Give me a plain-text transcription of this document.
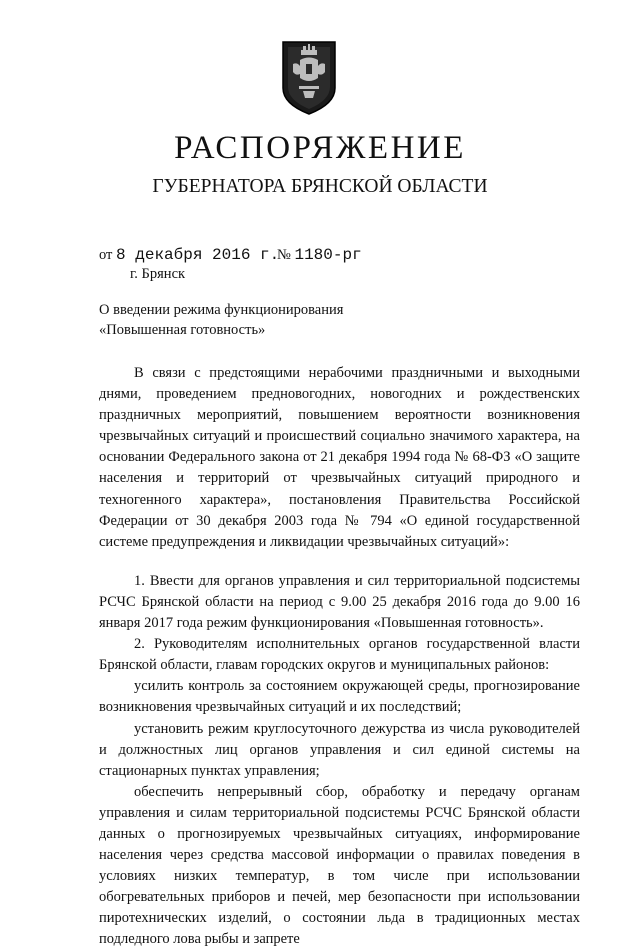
РАСПОРЯЖЕНИЕ
ГУБЕРНАТОРА БРЯНСКОЙ ОБЛАСТИ
от 8 декабря 2016 г.
№ 1180-рг
г. Брянск
О введении режима функционирования
«Повышенная готовность»

В связи с предстоящими нерабочими праздничными и выходными днями, проведением предновогодних, новогодних и рождественских праздничных мероприятий, повышением вероятности возникновения чрезвычайных ситуаций и происшествий социально значимого характера, на основании Федерального закона от 21 декабря 1994 года № 68-ФЗ «О защите населения и территорий от чрезвычайных ситуаций природного и техногенного характера», постановления Правительства Российской Федерации от 30 декабря 2003 года № 794 «О единой государственной системе предупреждения и ликвидации чрезвычайных ситуаций»:

1. Ввести для органов управления и сил территориальной подсистемы РСЧС Брянской области на период с 9.00 25 декабря 2016 года до 9.00 16 января 2017 года режим функционирования «Повышенная готовность».

2. Руководителям исполнительных органов государственной власти Брянской области, главам городских округов и муниципальных районов:

усилить контроль за состоянием окружающей среды, прогнозирование возникновения чрезвычайных ситуаций и их последствий;

установить режим круглосуточного дежурства из числа руководителей и должностных лиц органов управления и сил единой системы на стационарных пунктах управления;

обеспечить непрерывный сбор, обработку и передачу органам управления и силам территориальной подсистемы РСЧС Брянской области данных о прогнозируемых чрезвычайных ситуациях, информирование населения через средства массовой информации о правилах поведения в условиях низких температур, в том числе при использовании обогревательных приборов и печей, мер безопасности при использовании пиротехнических изделий, о состоянии льда в традиционных местах подледного лова рыбы и запрете
